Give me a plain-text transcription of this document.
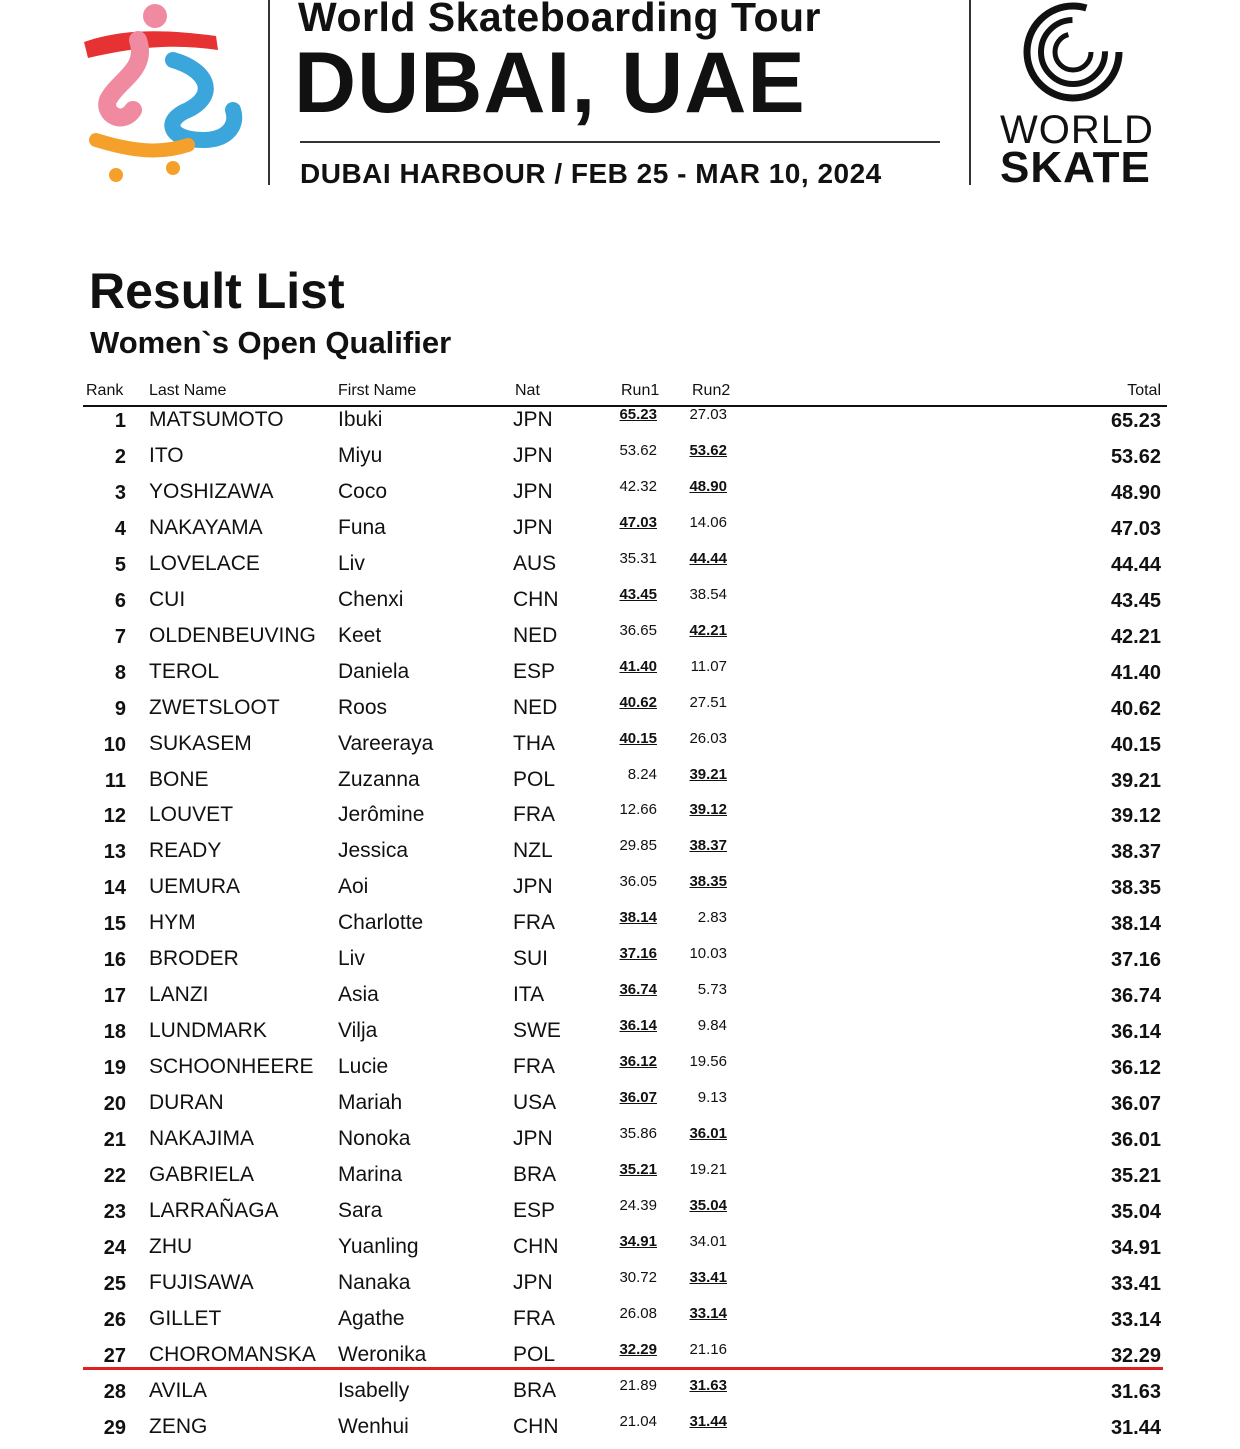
World Skateboarding Tour
DUBAI, UAE
DUBAI HARBOUR / FEB 25 - MAR 10, 2024
WORLD
SKATE
Result List
Women`s Open Qualifier
Rank Last Name	First Name	Nat	Run1 Run2	Total
1 MATSUMOTO	Ibuki	JPN	65.23 27.03	65.23
2 ITO	Miyu	JPN	53.62 53.62	53.62
3 YOSHIZAWA	Coco	JPN	42.32 48.90	48.90
4 NAKAYAMA	Funa	JPN	47.03 14.06	47.03
5 LOVELACE	Liv	AUS	35.31 44.44	44.44
6 CUI	Chenxi	CHN	43.45 38.54	43.45
7 OLDENBEUVING Keet	NED	36.65 42.21	42.21
8 TEROL	Daniela	ESP	41.40 11.07	41.40
9 ZWETSLOOT	Roos	NED	40.62 27.51	40.62
10 SUKASEM	Vareeraya	THA	40.15 26.03	40.15
11 BONE	Zuzanna	POL	8.24 39.21	39.21
12 LOUVET	Jerômine	FRA	12.66 39.12	39.12
13 READY	Jessica	NZL	29.85 38.37	38.37
14 UEMURA	Aoi	JPN	36.05 38.35	38.35
15 HYM	Charlotte	FRA	38.14	2.83	38.14
16 BRODER	Liv	SUI	37.16 10.03	37.16
17 LANZI	Asia	ITA	36.74	5.73	36.74
18 LUNDMARK	Vilja	SWE	36.14	9.84	36.14
19 SCHOONHEERE Lucie	FRA	36.12 19.56	36.12
20 DURAN	Mariah	USA	36.07	9.13	36.07
21 NAKAJIMA	Nonoka	JPN	35.86 36.01	36.01
22 GABRIELA	Marina	BRA	35.21 19.21	35.21
23 LARRAÑAGA	Sara	ESP	24.39 35.04	35.04
24 ZHU	Yuanling	CHN	34.91 34.01	34.91
25 FUJISAWA	Nanaka	JPN	30.72 33.41	33.41
26 GILLET	Agathe	FRA	26.08 33.14	33.14
27 CHOROMANSKA Weronika	POL	32.29 21.16	32.29
28 AVILA	Isabelly	BRA	21.89 31.63	31.63
29 ZENG	Wenhui	CHN	21.04 31.44	31.44
